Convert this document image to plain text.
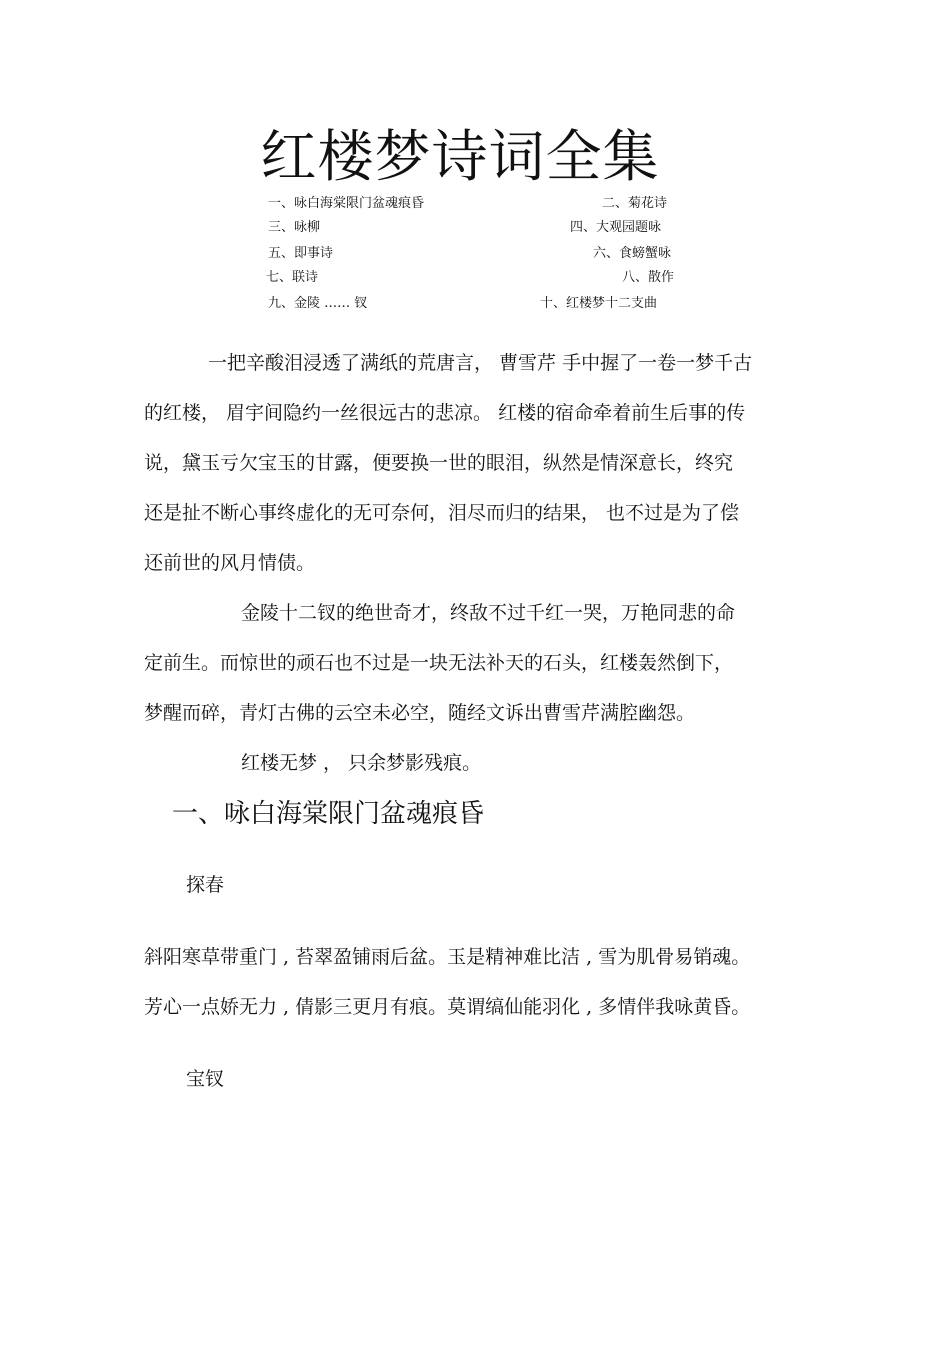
红楼梦诗词全集
一、咏白海棠限门盆魂痕昏	二、菊花诗
三、咏柳	四、大观园题咏
五、即事诗	六、食螃蟹咏
七、联诗	八、散作
九、金陵 …… 钗	十、红楼梦十二支曲
一把辛酸泪浸透了满纸的荒唐言， 曹雪芹 手中握了一卷一梦千古
的红楼， 眉宇间隐约一丝很远古的悲凉。 红楼的宿命牵着前生后事的传
说，黛玉亏欠宝玉的甘露，便要换一世的眼泪，纵然是情深意长，终究
还是扯不断心事终虚化的无可奈何，泪尽而归的结果， 也不过是为了偿
还前世的风月情债。
金陵十二钗的绝世奇才，终敌不过千红一哭，万艳同悲的命
定前生。而惊世的顽石也不过是一块无法补天的石头，红楼轰然倒下，
梦醒而碎，青灯古佛的云空未必空，随经文诉出曹雪芹满腔幽怨。
红楼无梦 ， 只余梦影残痕。
一、咏白海棠限门盆魂痕昏
探春
斜阳寒草带重门 , 苔翠盈铺雨后盆。玉是精神难比洁 , 雪为肌骨易销魂。
芳心一点娇无力 , 倩影三更月有痕。莫谓缟仙能羽化 , 多情伴我咏黄昏。
宝钗
